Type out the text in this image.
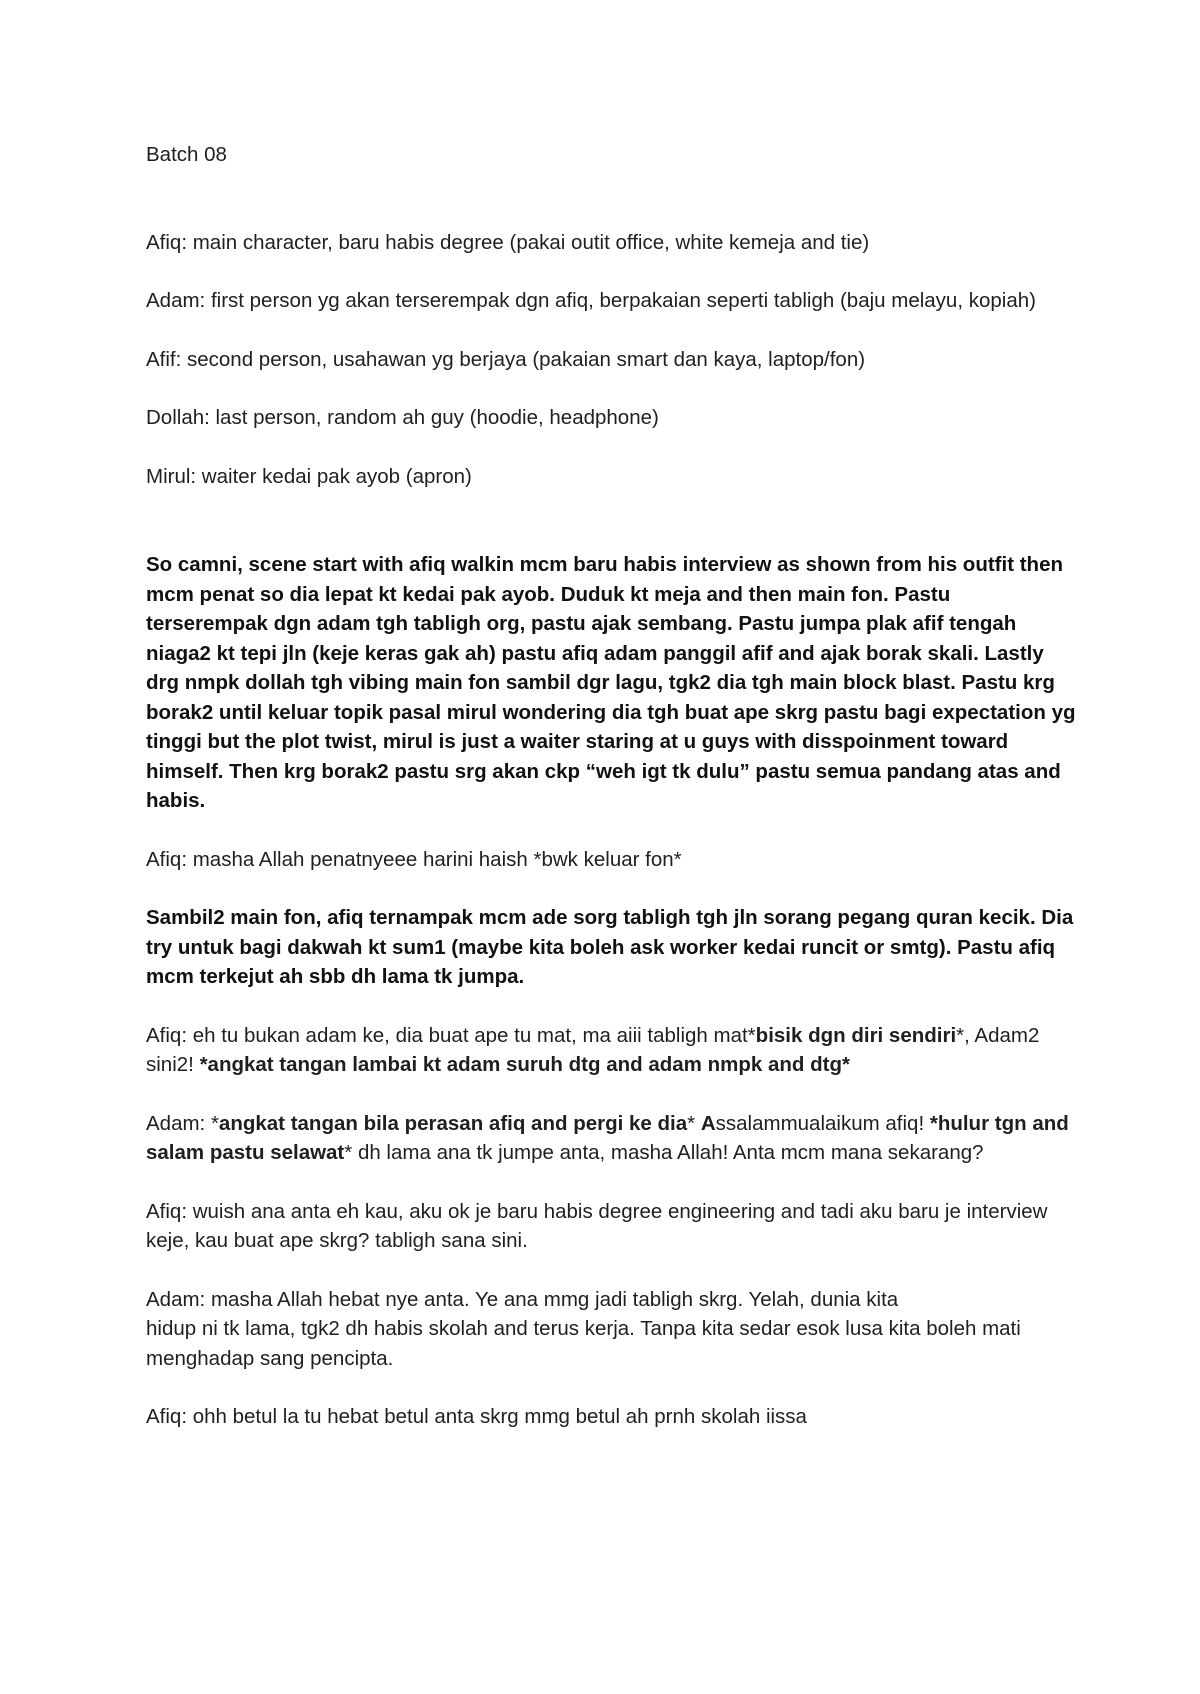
Batch 08

Afiq: main character, baru habis degree (pakai outit office, white kemeja and tie)

Adam: first person yg akan terserempak dgn afiq, berpakaian seperti tabligh (baju melayu, kopiah)

Afif: second person, usahawan yg berjaya (pakaian smart dan kaya, laptop/fon)

Dollah: last person, random ah guy (hoodie, headphone)

Mirul: waiter kedai pak ayob (apron)

So camni, scene start with afiq walkin mcm baru habis interview as shown from his outfit then mcm penat so dia lepat kt kedai pak ayob. Duduk kt meja and then main fon. Pastu terserempak dgn adam tgh tabligh org, pastu ajak sembang. Pastu jumpa plak afif tengah niaga2 kt tepi jln (keje keras gak ah) pastu afiq adam panggil afif and ajak borak skali. Lastly drg nmpk dollah tgh vibing main fon sambil dgr lagu, tgk2 dia tgh main block blast. Pastu krg borak2 until keluar topik pasal mirul wondering dia tgh buat ape skrg pastu bagi expectation yg tinggi but the plot twist, mirul is just a waiter staring at u guys with disspoinment toward himself. Then krg borak2 pastu srg akan ckp “weh igt tk dulu” pastu semua pandang atas and habis.

Afiq: masha Allah penatnyeee harini haish *bwk keluar fon*

Sambil2 main fon, afiq ternampak mcm ade sorg tabligh tgh jln sorang pegang quran kecik. Dia try untuk bagi dakwah kt sum1 (maybe kita boleh ask worker kedai runcit or smtg). Pastu afiq mcm terkejut ah sbb dh lama tk jumpa.

Afiq: eh tu bukan adam ke, dia buat ape tu mat, ma aiii tabligh mat*bisik dgn diri sendiri*, Adam2 sini2! *angkat tangan lambai kt adam suruh dtg and adam nmpk and dtg*

Adam: *angkat tangan bila perasan afiq and pergi ke dia* Assalammualaikum afiq! *hulur tgn and salam pastu selawat* dh lama ana tk jumpe anta, masha Allah! Anta mcm mana sekarang?

Afiq: wuish ana anta eh kau, aku ok je baru habis degree engineering and tadi aku baru je interview keje, kau buat ape skrg? tabligh sana sini.

Adam: masha Allah hebat nye anta. Ye ana mmg jadi tabligh skrg. Yelah, dunia kita

hidup ni tk lama, tgk2 dh habis skolah and terus kerja. Tanpa kita sedar esok lusa kita boleh mati menghadap sang pencipta.

Afiq: ohh betul la tu hebat betul anta skrg mmg betul ah prnh skolah iissa
